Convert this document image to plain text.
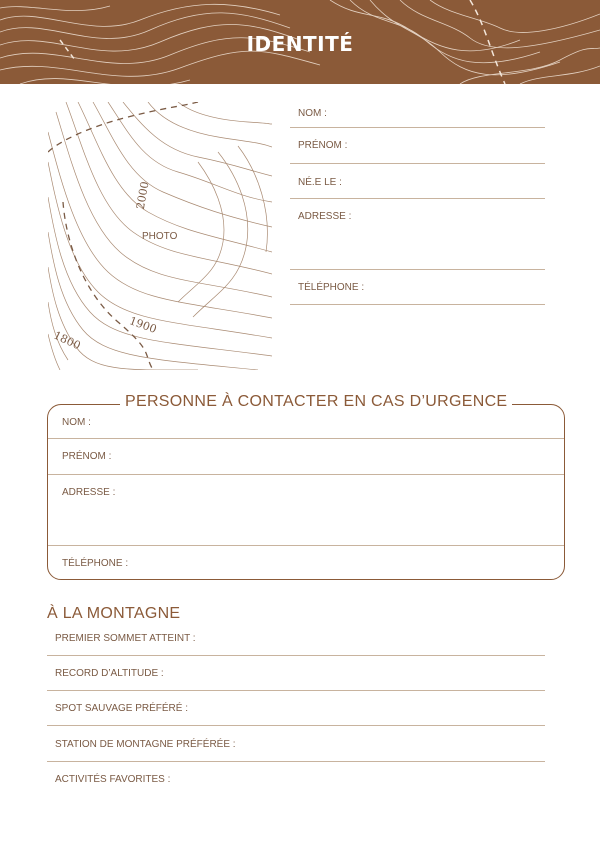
IDENTITÉ
2000
1900
1800
PHOTO
NOM :
PRÉNOM :
NÉ.E LE :
ADRESSE :
TÉLÉPHONE :
PERSONNE À CONTACTER EN CAS D’URGENCE
NOM :
PRÉNOM :
ADRESSE :
TÉLÉPHONE :
À LA MONTAGNE
PREMIER SOMMET ATTEINT :
RECORD D’ALTITUDE :
SPOT SAUVAGE PRÉFÉRÉ :
STATION DE MONTAGNE PRÉFÉRÉE :
ACTIVITÉS FAVORITES :
